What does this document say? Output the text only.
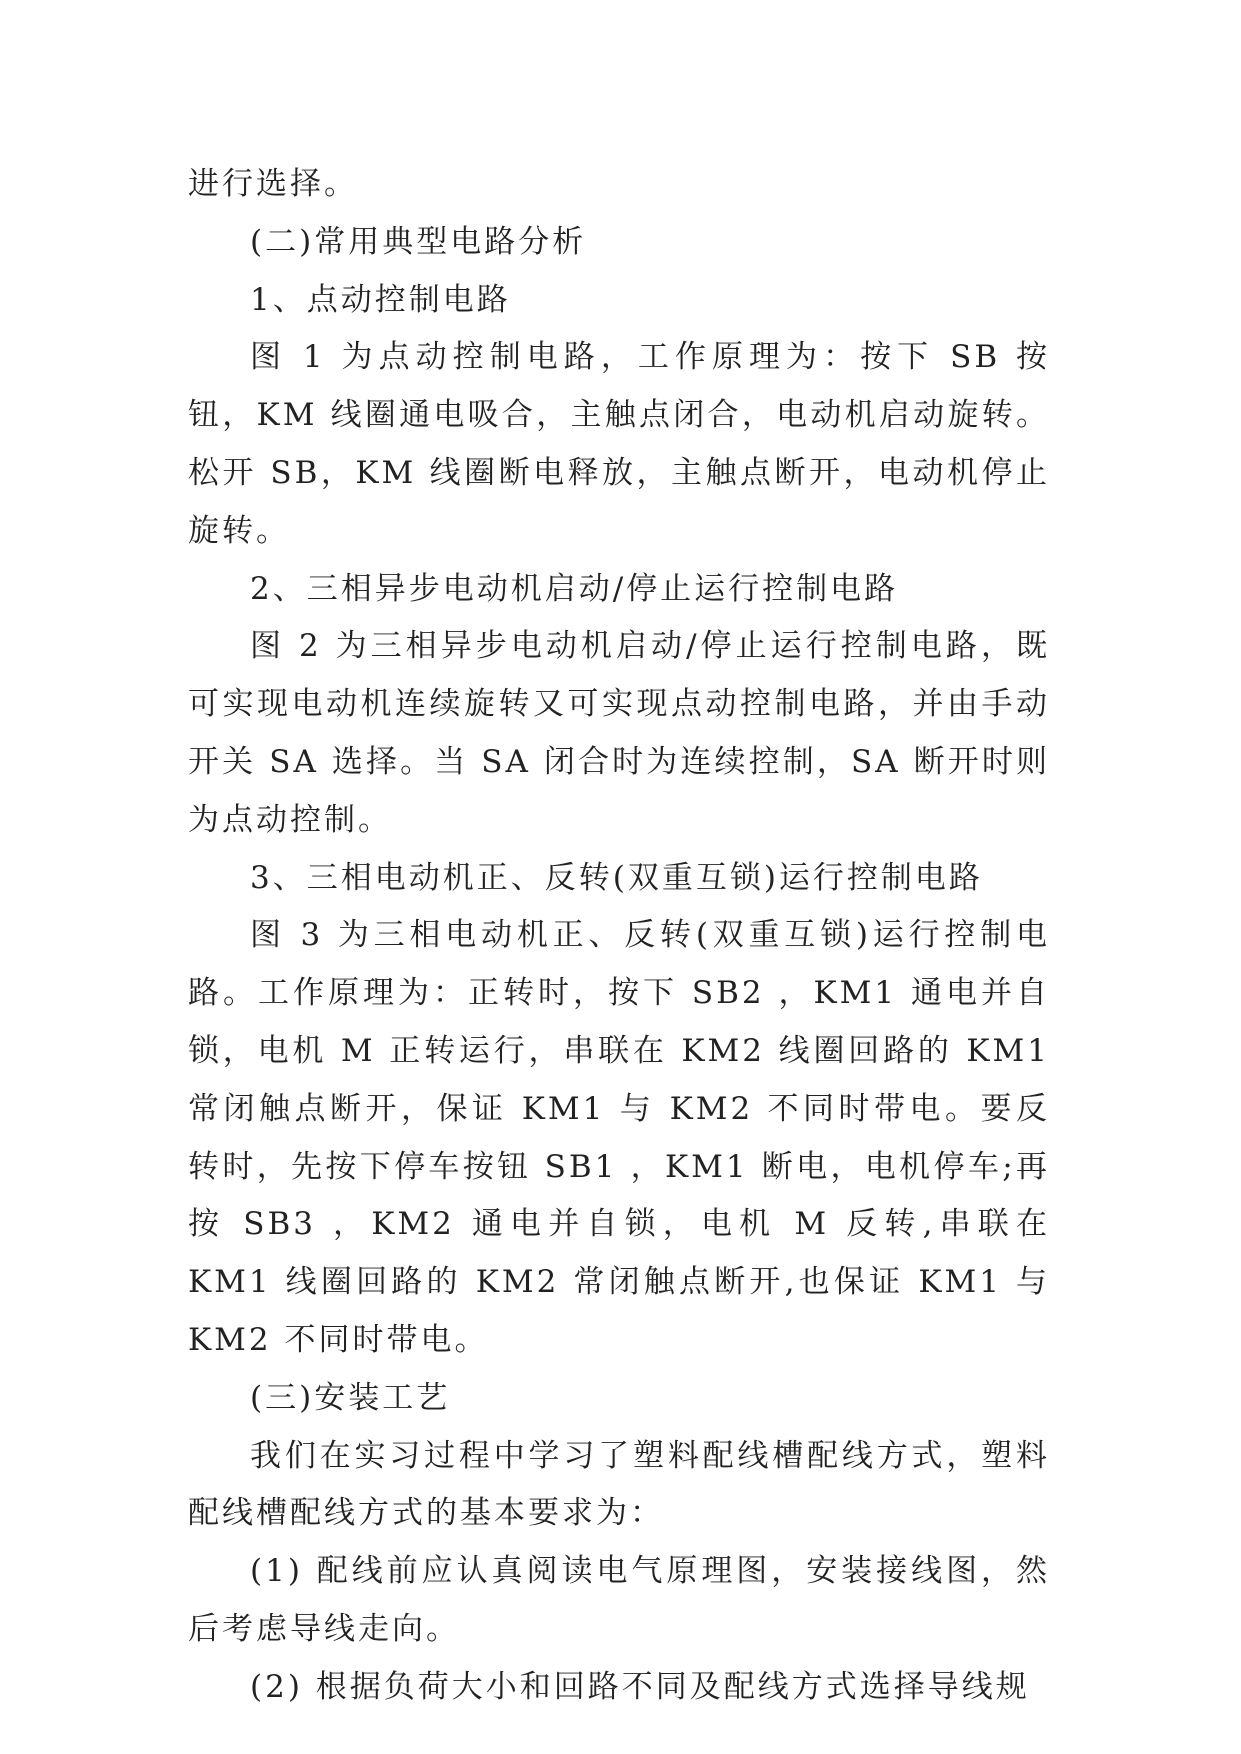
进行选择。

(二)常用典型电路分析

1、点动控制电路

图 1 为点动控制电路，工作原理为：按下 SB 按钮，KM 线圈通电吸合，主触点闭合，电动机启动旋转。松开 SB，KM 线圈断电释放，主触点断开，电动机停止旋转。

2、三相异步电动机启动/停止运行控制电路

图 2 为三相异步电动机启动/停止运行控制电路，既可实现电动机连续旋转又可实现点动控制电路，并由手动开关 SA 选择。当 SA 闭合时为连续控制，SA 断开时则为点动控制。

3、三相电动机正、反转(双重互锁)运行控制电路

图 3 为三相电动机正、反转(双重互锁)运行控制电路。工作原理为：正转时，按下 SB2 ，KM1 通电并自锁，电机 M 正转运行，串联在 KM2 线圈回路的 KM1 常闭触点断开，保证 KM1 与 KM2 不同时带电。要反转时，先按下停车按钮 SB1 ，KM1 断电，电机停车;再按 SB3 ，KM2 通电并自锁，电机 M 反转,串联在 KM1 线圈回路的 KM2 常闭触点断开,也保证 KM1 与 KM2 不同时带电。

(三)安装工艺

我们在实习过程中学习了塑料配线槽配线方式，塑料配线槽配线方式的基本要求为：

(1) 配线前应认真阅读电气原理图，安装接线图，然后考虑导线走向。

(2) 根据负荷大小和回路不同及配线方式选择导线规
